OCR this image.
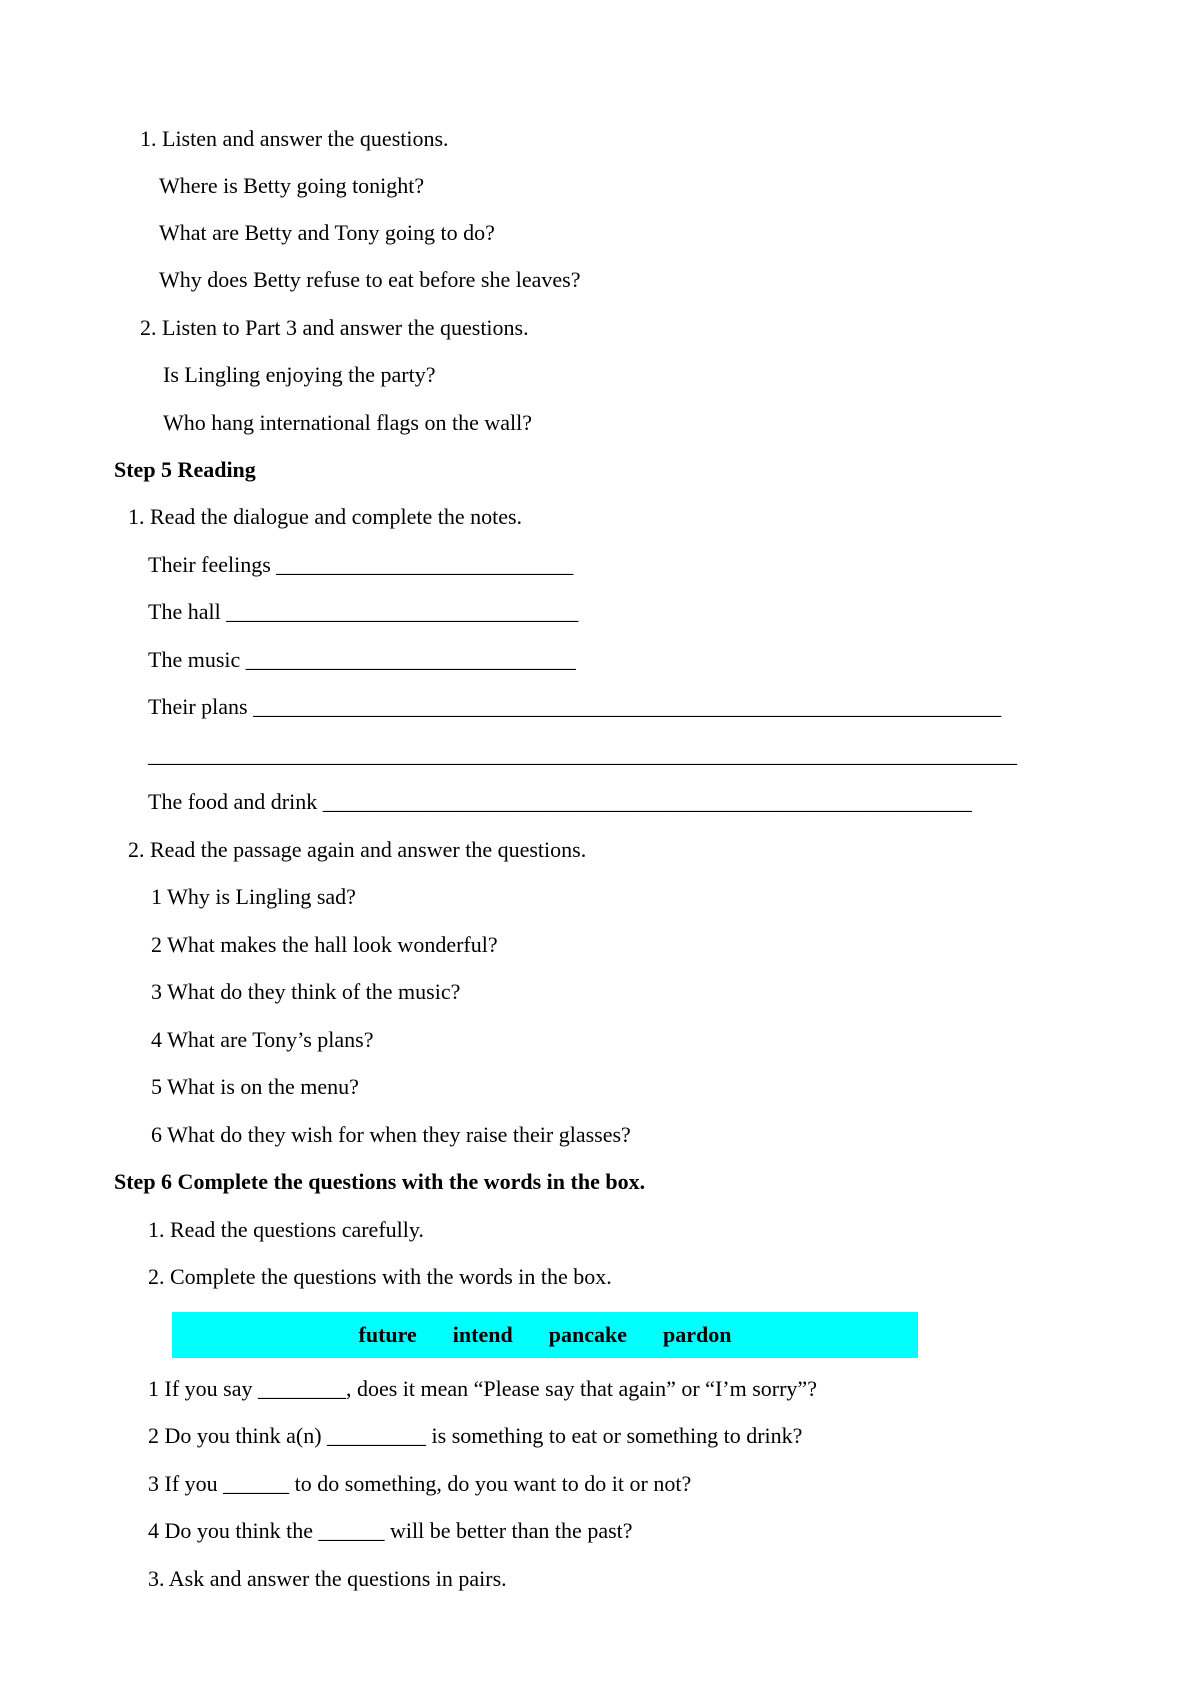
1. Listen and answer the questions.
Where is Betty going tonight?
What are Betty and Tony going to do?
Why does Betty refuse to eat before she leaves?
2. Listen to Part 3 and answer the questions.
Is Lingling enjoying the party?
Who hang international flags on the wall?
Step 5 Reading
1. Read the dialogue and complete the notes.
Their feelings ___________________________
The hall ________________________________
The music ______________________________
Their plans ____________________________________________________________________
_______________________________________________________________________________
The food and drink ___________________________________________________________
2. Read the passage again and answer the questions.
1 Why is Lingling sad?
2 What makes the hall look wonderful?
3 What do they think of the music?
4 What are Tony’s plans?
5 What is on the menu?
6 What do they wish for when they raise their glasses?
Step 6 Complete the questions with the words in the box.
1. Read the questions carefully.
2. Complete the questions with the words in the box.
future intend pancake pardon
1 If you say ________, does it mean “Please say that again” or “I’m sorry”?
2 Do you think a(n) _________ is something to eat or something to drink?
3 If you ______ to do something, do you want to do it or not?
4 Do you think the ______ will be better than the past?
3. Ask and answer the questions in pairs.
